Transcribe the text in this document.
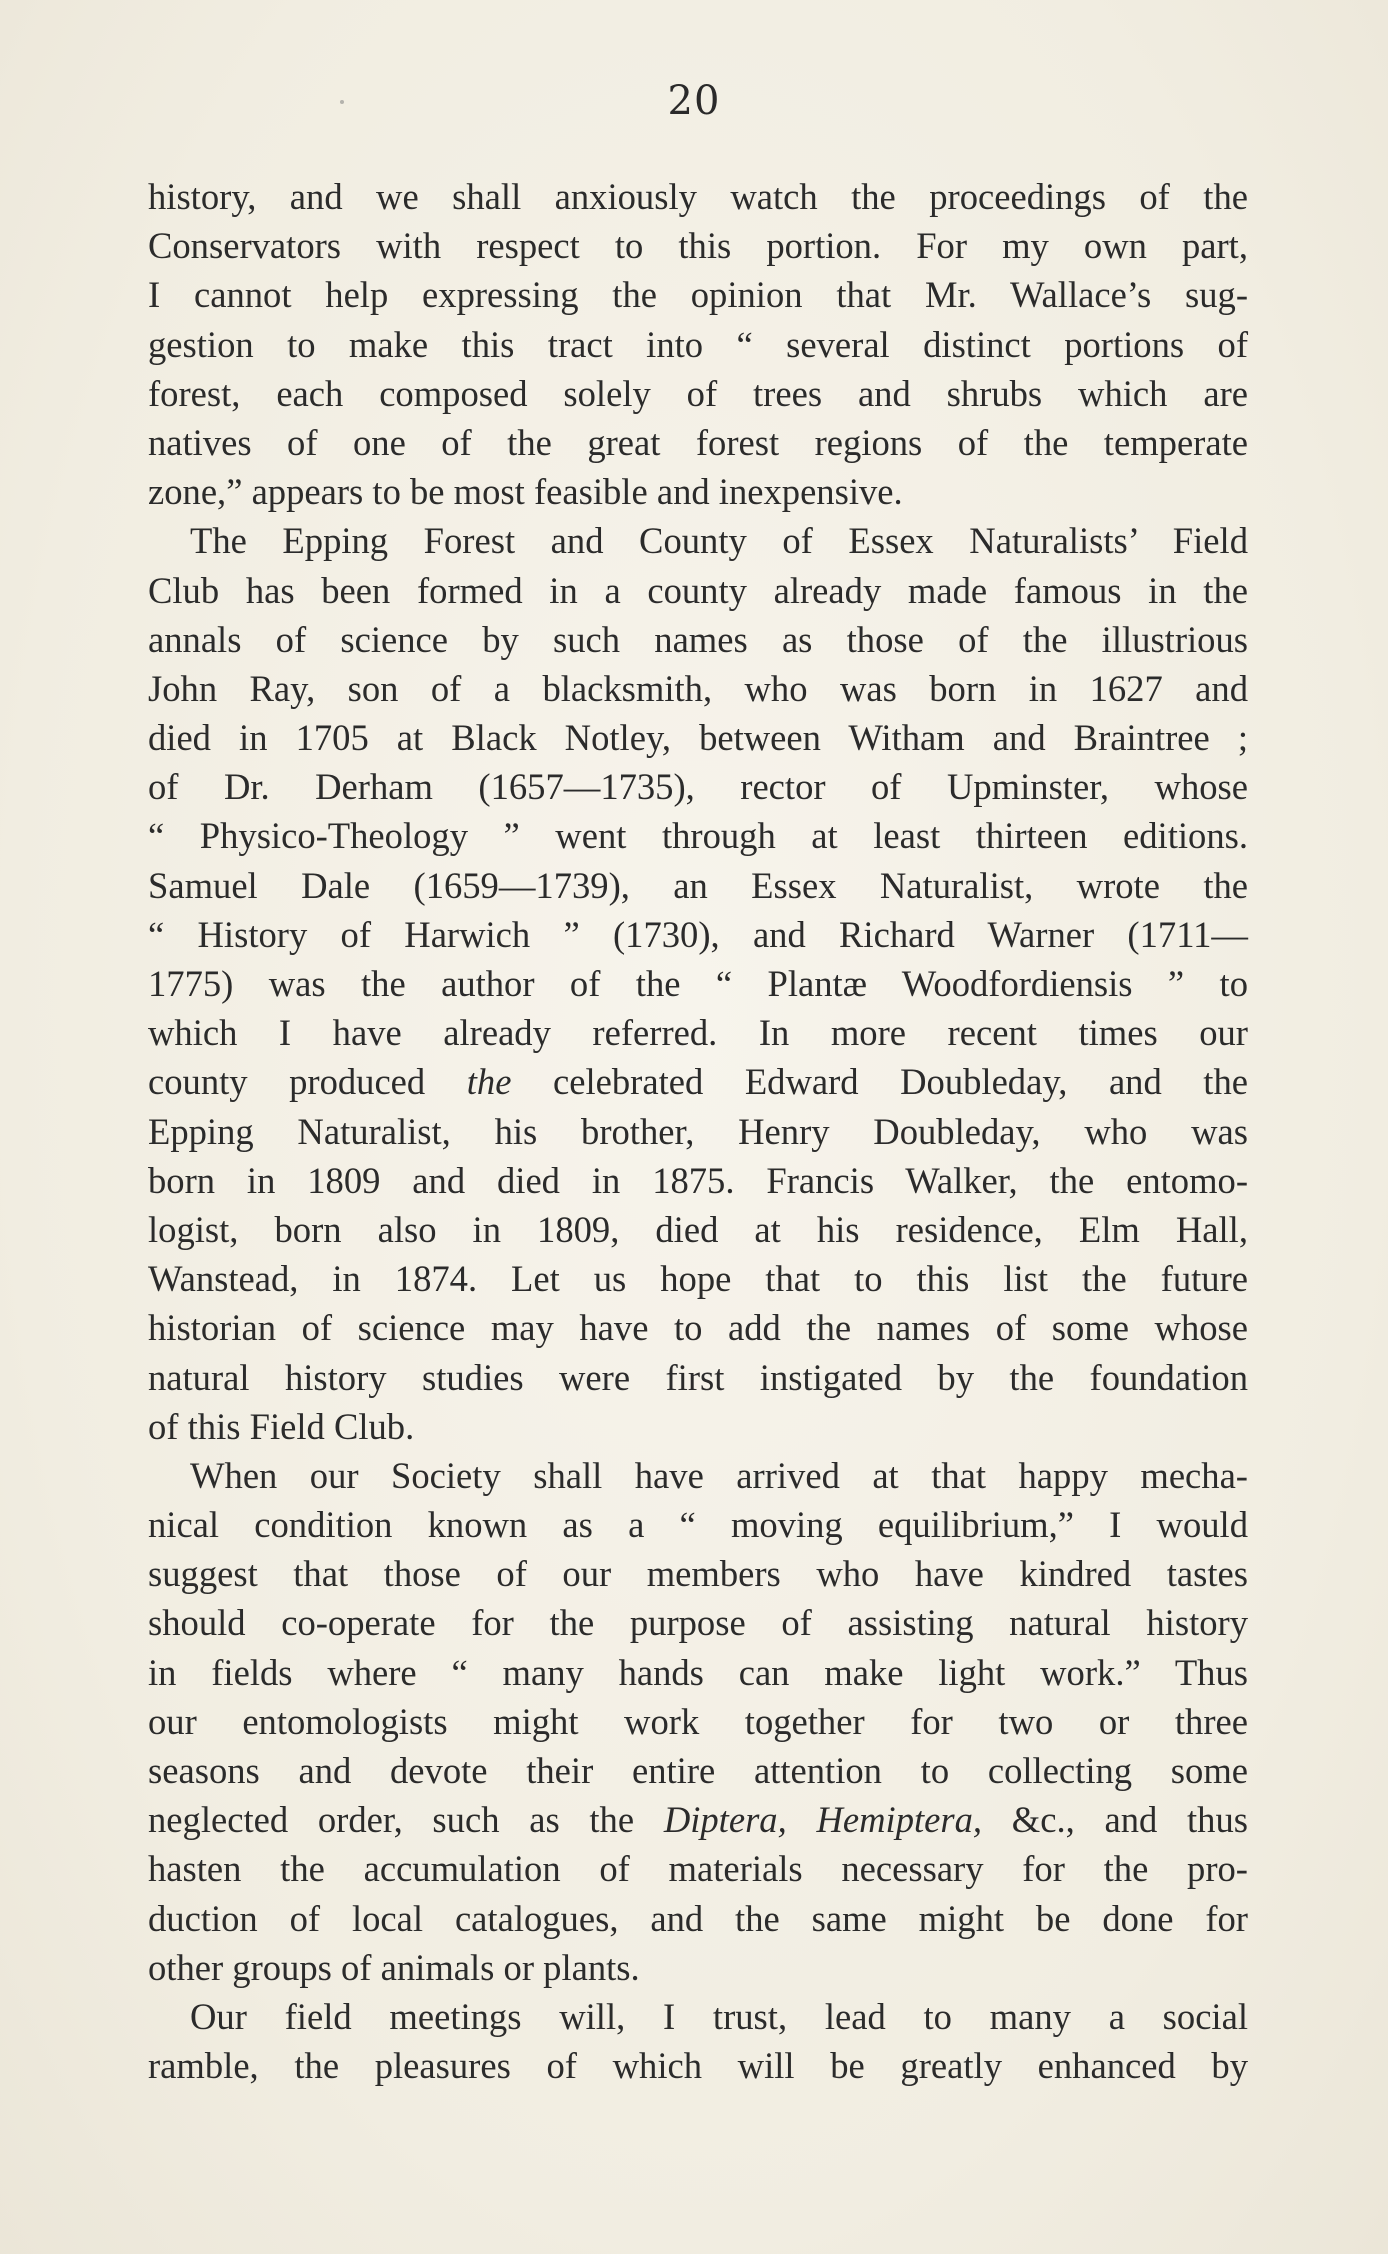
20
history, and we shall anxiously watch the proceedings of the
Conservators with respect to this portion. For my own part,
I cannot help expressing the opinion that Mr. Wallace’s sug-
gestion to make this tract into “ several distinct portions of
forest, each composed solely of trees and shrubs which are
natives of one of the great forest regions of the temperate
zone,” appears to be most feasible and inexpensive.
The Epping Forest and County of Essex Naturalists’ Field
Club has been formed in a county already made famous in the
annals of science by such names as those of the illustrious
John Ray, son of a blacksmith, who was born in 1627 and
died in 1705 at Black Notley, between Witham and Braintree ;
of Dr. Derham (1657—1735), rector of Upminster, whose
“ Physico-Theology ” went through at least thirteen editions.
Samuel Dale (1659—1739), an Essex Naturalist, wrote the
“ History of Harwich ” (1730), and Richard Warner (1711—
1775) was the author of the “ Plantæ Woodfordiensis ” to
which I have already referred. In more recent times our
county produced the celebrated Edward Doubleday, and the
Epping Naturalist, his brother, Henry Doubleday, who was
born in 1809 and died in 1875. Francis Walker, the entomo-
logist, born also in 1809, died at his residence, Elm Hall,
Wanstead, in 1874. Let us hope that to this list the future
historian of science may have to add the names of some whose
natural history studies were first instigated by the foundation
of this Field Club.
When our Society shall have arrived at that happy mecha-
nical condition known as a “ moving equilibrium,” I would
suggest that those of our members who have kindred tastes
should co-operate for the purpose of assisting natural history
in fields where “ many hands can make light work.” Thus
our entomologists might work together for two or three
seasons and devote their entire attention to collecting some
neglected order, such as the Diptera, Hemiptera, &c., and thus
hasten the accumulation of materials necessary for the pro-
duction of local catalogues, and the same might be done for
other groups of animals or plants.
Our field meetings will, I trust, lead to many a social
ramble, the pleasures of which will be greatly enhanced by
